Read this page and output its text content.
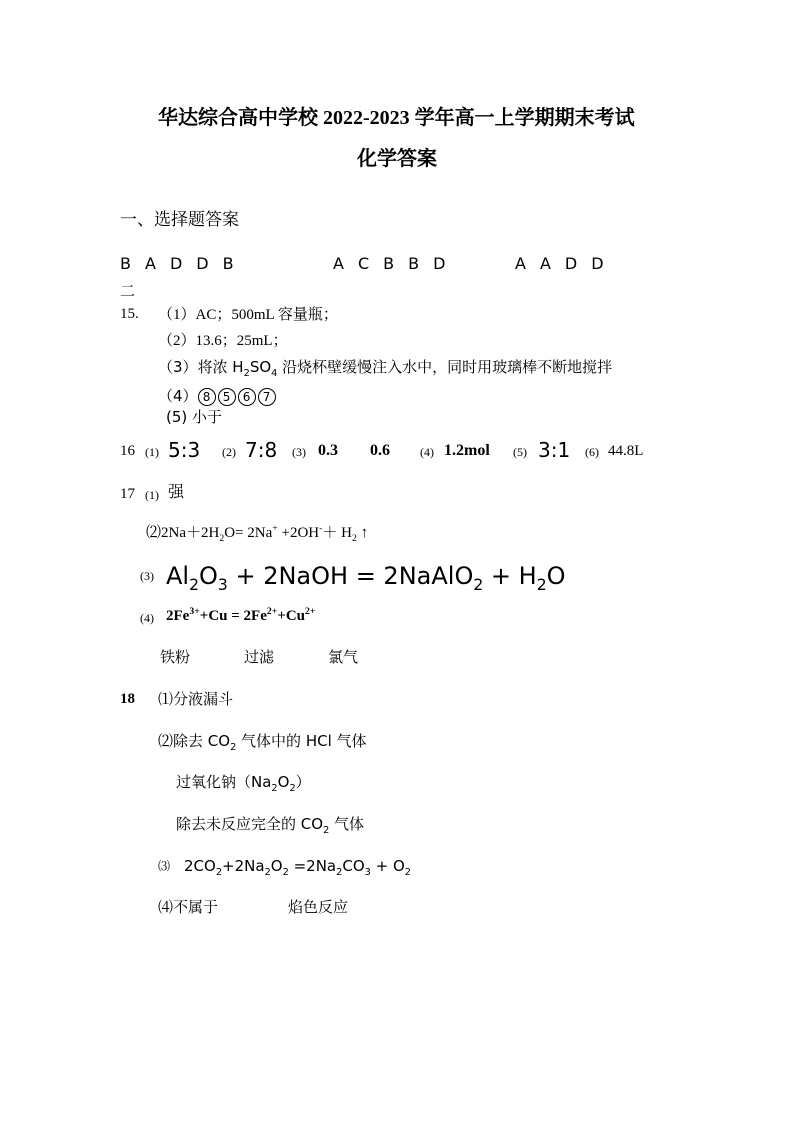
华达综合高中学校 2022-2023 学年高一上学期期末考试
化学答案
一、选择题答案
B A D D B	A C B B D	A A D D
二
15. （1）AC；500mL 容量瓶；
（2）13.6；25mL；
（3）将浓 $H_2SO_4$ 沿烧杯壁缓慢注入水中，同时用玻璃棒不断地搅拌
（4） 8 5 6 7
(5) 小于
16 (1) 5:3 (2) 7:8 (3) 0.3 0.6	(4) 1.2mol (5) 3:1 (6) 44.8L
17 (1) 强
$⑵2Na+2H_2O= 2Na^+ +2OH^-+ H_2$ ↑
(3) $Al_2O_3$ + 2NaOH = 2NaAlO$_2$ + $H_2O$
(4) $2Fe^{3+}+Cu = 2Fe^{2+}+Cu^{2+}$
铁粉	过滤	氯气
18 ⑴分液漏斗
⑵除去 $CO_2$ 气体中的 HCl 气体
过氧化钠$(Na_2O_2)$
除去未反应完全的 $CO_2$ 气体
⑶ $2CO_2+2Na_2O_2 =2Na_2CO_3 + O_2$
⑷不属于	焰色反应
